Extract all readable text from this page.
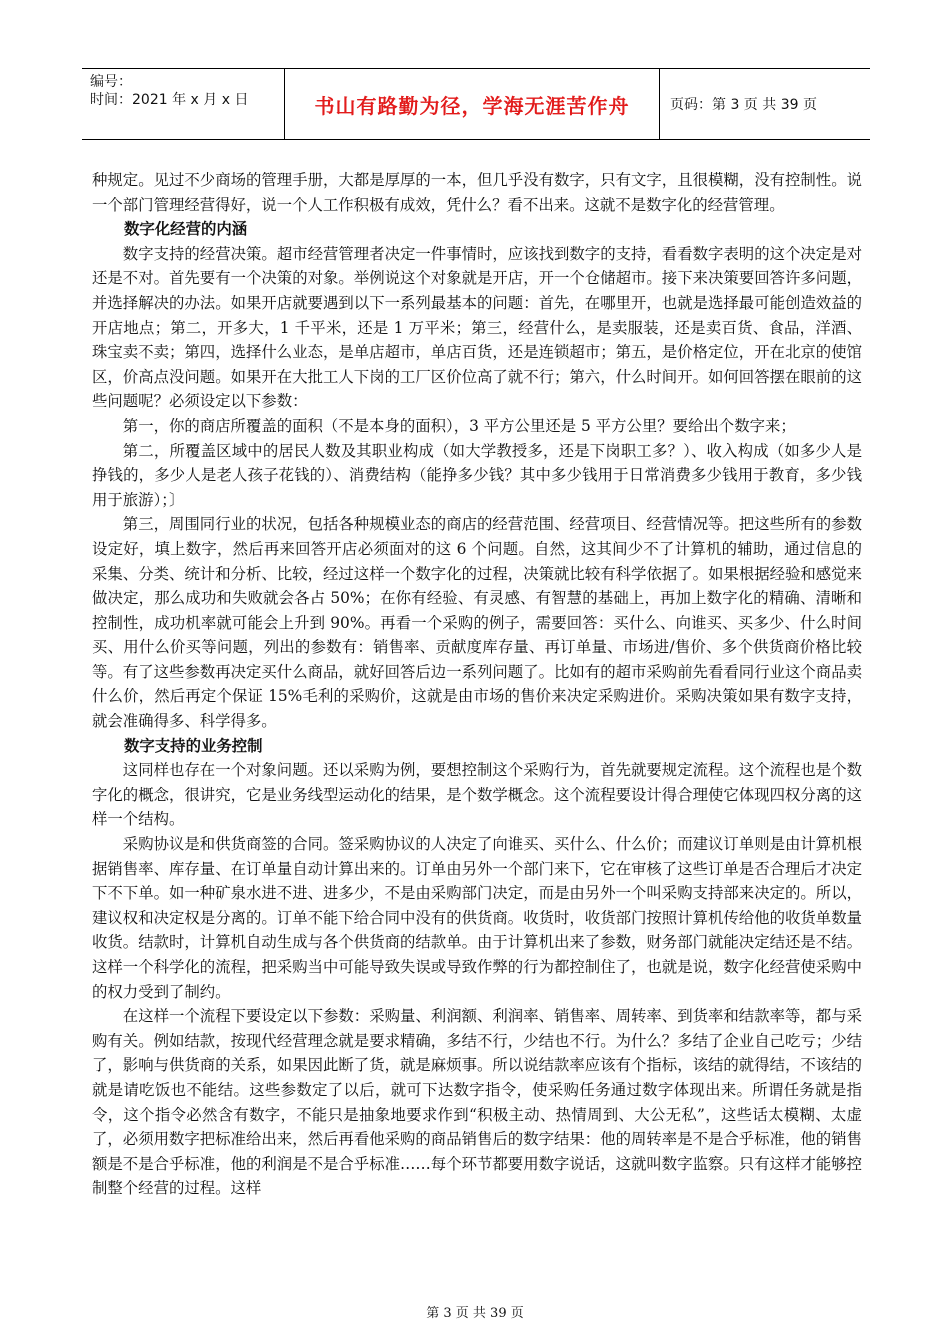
编号：
时间：2021 年 x 月 x 日	书山有路勤为径，学海无涯苦作舟	页码：第 3 页 共 39 页

种规定。见过不少商场的管理手册，大都是厚厚的一本，但几乎没有数字，只有文字，且很模糊，没有控制性。说一个部门管理经营得好，说一个人工作积极有成效，凭什么？看不出来。这就不是数字化的经营管理。

数字化经营的内涵

数字支持的经营决策。超市经营管理者决定一件事情时，应该找到数字的支持，看看数字表明的这个决定是对还是不对。首先要有一个决策的对象。举例说这个对象就是开店，开一个仓储超市。接下来决策要回答许多问题，并选择解决的办法。如果开店就要遇到以下一系列最基本的问题：首先，在哪里开，也就是选择最可能创造效益的开店地点；第二，开多大，1 千平米，还是 1 万平米；第三，经营什么，是卖服装，还是卖百货、食品，洋酒、珠宝卖不卖；第四，选择什么业态，是单店超市，单店百货，还是连锁超市；第五，是价格定位，开在北京的使馆区，价高点没问题。如果开在大批工人下岗的工厂区价位高了就不行；第六，什么时间开。如何回答摆在眼前的这些问题呢？必须设定以下参数：

第一，你的商店所覆盖的面积（不是本身的面积），3 平方公里还是 5 平方公里？要给出个数字来；

第二，所覆盖区域中的居民人数及其职业构成（如大学教授多，还是下岗职工多？）、收入构成（如多少人是挣钱的，多少人是老人孩子花钱的）、消费结构（能挣多少钱？其中多少钱用于日常消费多少钱用于教育，多少钱用于旅游）；〕

第三，周围同行业的状况，包括各种规模业态的商店的经营范围、经营项目、经营情况等。把这些所有的参数设定好，填上数字，然后再来回答开店必须面对的这 6 个问题。自然，这其间少不了计算机的辅助，通过信息的采集、分类、统计和分析、比较，经过这样一个数字化的过程，决策就比较有科学依据了。如果根据经验和感觉来做决定，那么成功和失败就会各占 50%；在你有经验、有灵感、有智慧的基础上，再加上数字化的精确、清晰和控制性，成功机率就可能会上升到 90%。再看一个采购的例子，需要回答：买什么、向谁买、买多少、什么时间买、用什么价买等问题，列出的参数有：销售率、贡献度库存量、再订单量、市场进/售价、多个供货商价格比较等。有了这些参数再决定买什么商品，就好回答后边一系列问题了。比如有的超市采购前先看看同行业这个商品卖什么价，然后再定个保证 15%毛利的采购价，这就是由市场的售价来决定采购进价。采购决策如果有数字支持，就会准确得多、科学得多。

数字支持的业务控制

这同样也存在一个对象问题。还以采购为例，要想控制这个采购行为，首先就要规定流程。这个流程也是个数字化的概念，很讲究，它是业务线型运动化的结果，是个数学概念。这个流程要设计得合理使它体现四权分离的这样一个结构。

采购协议是和供货商签的合同。签采购协议的人决定了向谁买、买什么、什么价；而建议订单则是由计算机根据销售率、库存量、在订单量自动计算出来的。订单由另外一个部门来下，它在审核了这些订单是否合理后才决定下不下单。如一种矿泉水进不进、进多少，不是由采购部门决定，而是由另外一个叫采购支持部来决定的。所以，建议权和决定权是分离的。订单不能下给合同中没有的供货商。收货时，收货部门按照计算机传给他的收货单数量收货。结款时，计算机自动生成与各个供货商的结款单。由于计算机出来了参数，财务部门就能决定结还是不结。这样一个科学化的流程，把采购当中可能导致失误或导致作弊的行为都控制住了，也就是说，数字化经营使采购中的权力受到了制约。

在这样一个流程下要设定以下参数：采购量、利润额、利润率、销售率、周转率、到货率和结款率等，都与采购有关。例如结款，按现代经营理念就是要求精确，多结不行，少结也不行。为什么？多结了企业自己吃亏；少结了，影响与供货商的关系，如果因此断了货，就是麻烦事。所以说结款率应该有个指标，该结的就得结，不该结的就是请吃饭也不能结。这些参数定了以后，就可下达数字指令，使采购任务通过数字体现出来。所谓任务就是指令，这个指令必然含有数字，不能只是抽象地要求作到“积极主动、热情周到、大公无私”，这些话太模糊、太虚了，必须用数字把标准给出来，然后再看他采购的商品销售后的数字结果：他的周转率是不是合乎标准，他的销售额是不是合乎标准，他的利润是不是合乎标准……每个环节都要用数字说话，这就叫数字监察。只有这样才能够控制整个经营的过程。这样

第 3 页 共 39 页
